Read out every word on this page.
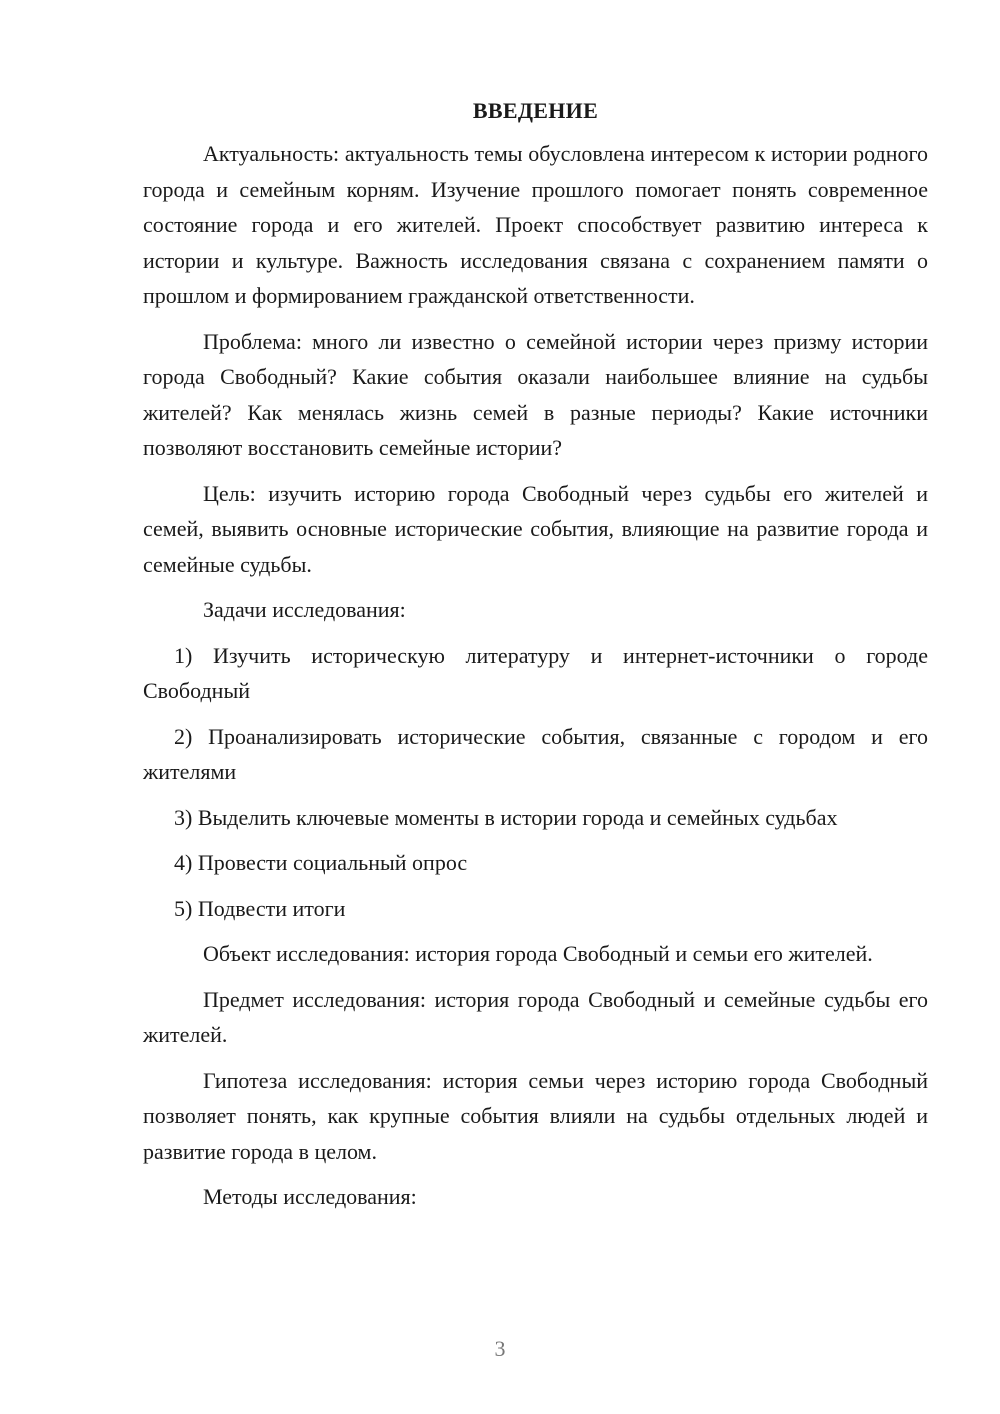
ВВЕДЕНИЕ

Актуальность: актуальность темы обусловлена интересом к истории родного города и семейным корням. Изучение прошлого помогает понять современное состояние города и его жителей. Проект способствует развитию интереса к истории и культуре. Важность исследования связана с сохранением памяти о прошлом и формированием гражданской ответственности.

Проблема: много ли известно о семейной истории через призму истории города Свободный? Какие события оказали наибольшее влияние на судьбы жителей? Как менялась жизнь семей в разные периоды? Какие источники позволяют восстановить семейные истории?

Цель: изучить историю города Свободный через судьбы его жителей и семей, выявить основные исторические события, влияющие на развитие города и семейные судьбы.

Задачи исследования:

1) Изучить историческую литературу и интернет-источники о городе Свободный

2) Проанализировать исторические события, связанные с городом и его жителями

3) Выделить ключевые моменты в истории города и семейных судьбах

4) Провести социальный опрос

5) Подвести итоги

Объект исследования: история города Свободный и семьи его жителей.

Предмет исследования: история города Свободный и семейные судьбы его жителей.

Гипотеза исследования: история семьи через историю города Свободный позволяет понять, как крупные события влияли на судьбы отдельных людей и развитие города в целом.

Методы исследования:

3
